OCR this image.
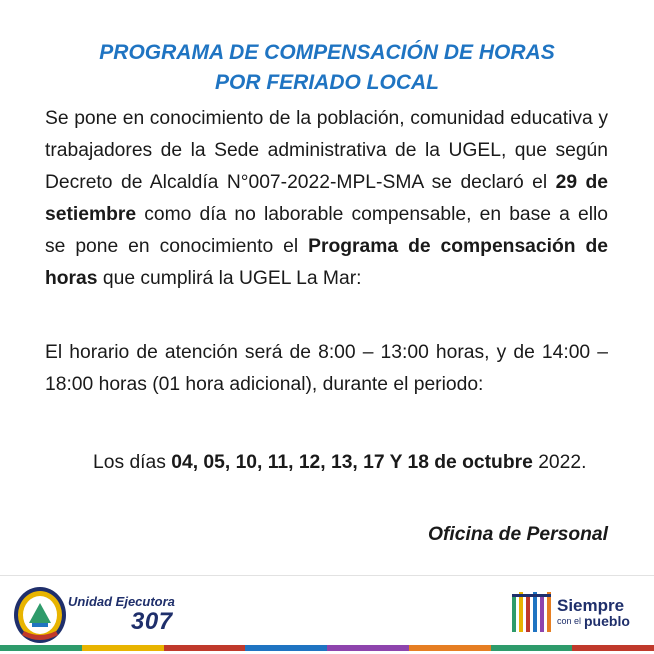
PROGRAMA DE COMPENSACIÓN DE HORAS
POR FERIADO LOCAL
Se pone en conocimiento de la población, comunidad educativa y trabajadores de la Sede administrativa de la UGEL, que según Decreto de Alcaldía N°007-2022-MPL-SMA se declaró el 29 de setiembre como día no laborable compensable, en base a ello se pone en conocimiento el Programa de compensación de horas que cumplirá la UGEL La Mar:
El horario de atención será de 8:00 – 13:00 horas, y de 14:00 – 18:00 horas (01 hora adicional), durante el periodo:
Los días 04, 05, 10, 11, 12, 13, 17 Y 18 de octubre 2022.
Oficina de Personal
Unidad Ejecutora
307
Siempre
con el pueblo
